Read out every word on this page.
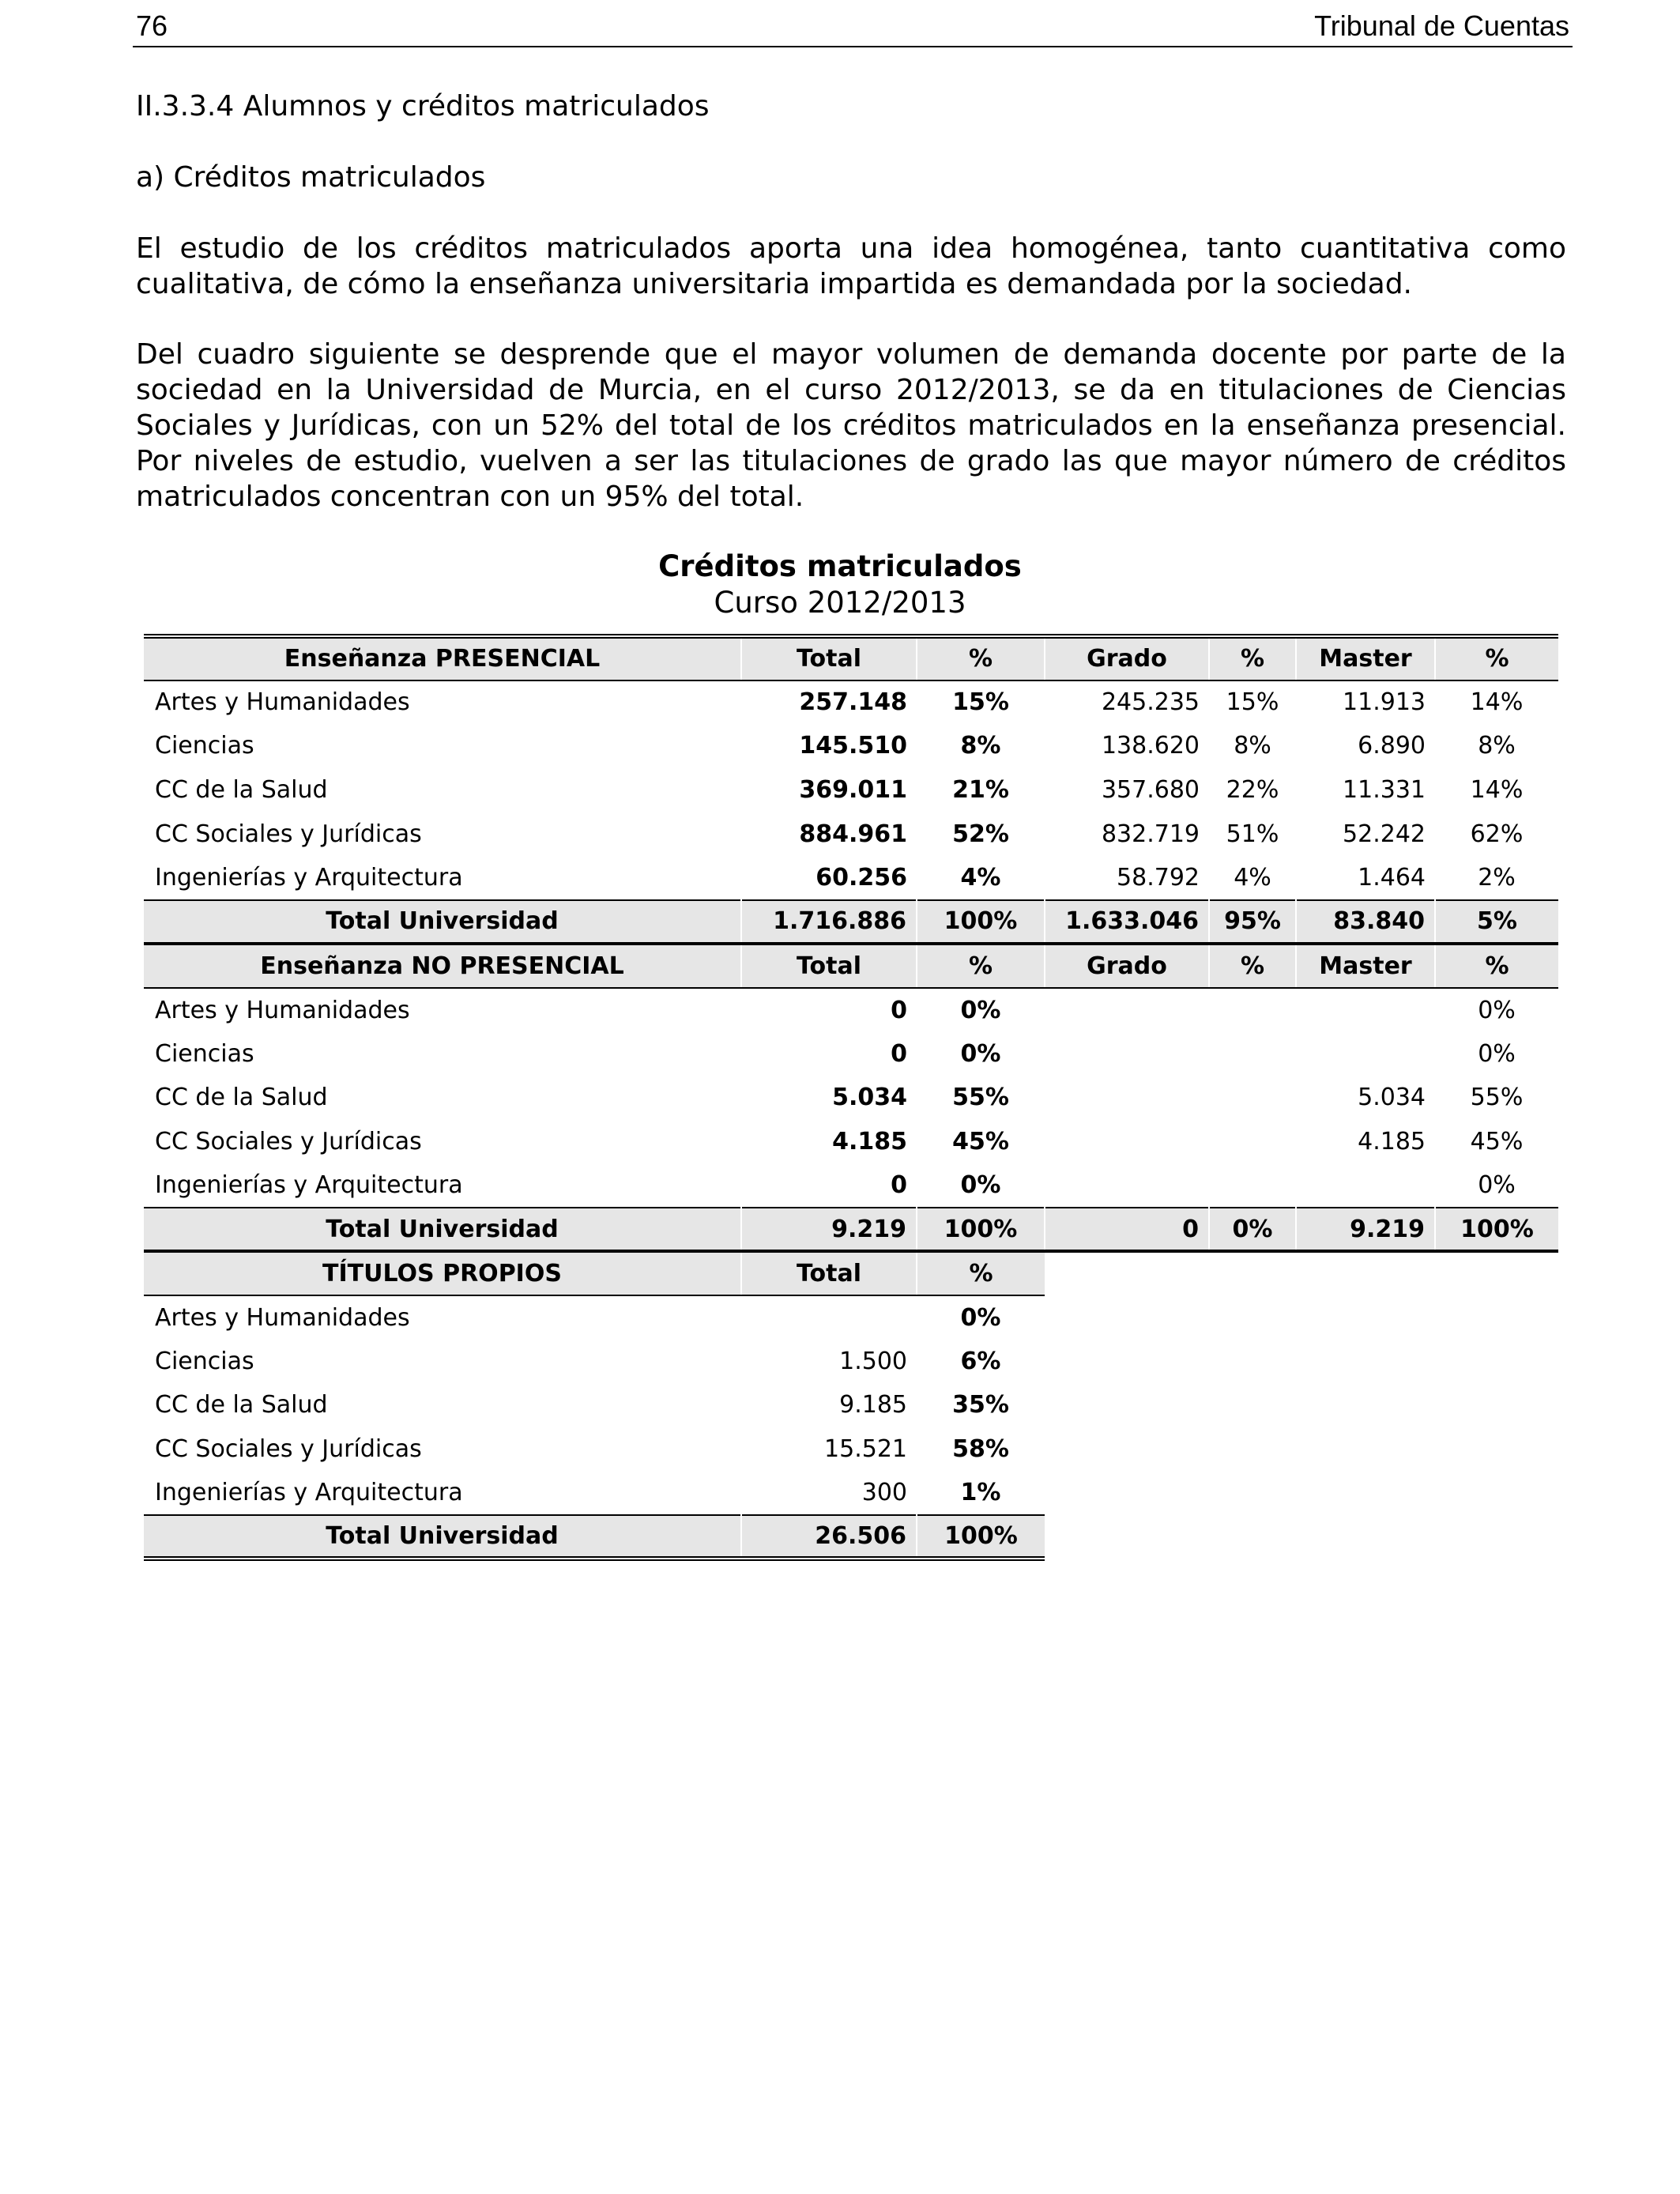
76	Tribunal de Cuentas
II.3.3.4 Alumnos y créditos matriculados
a) Créditos matriculados
El estudio de los créditos matriculados aporta una idea homogénea, tanto cuantitativa como cualitativa, de cómo la enseñanza universitaria impartida es demandada por la sociedad.
Del cuadro siguiente se desprende que el mayor volumen de demanda docente por parte de la sociedad en la Universidad de Murcia, en el curso 2012/2013, se da en titulaciones de Ciencias Sociales y Jurídicas, con un 52% del total de los créditos matriculados en la enseñanza presencial. Por niveles de estudio, vuelven a ser las titulaciones de grado las que mayor número de créditos matriculados concentran con un 95% del total.
Créditos matriculados
Curso 2012/2013
Enseñanza PRESENCIAL	Total	%	Grado	%	Master	%
Artes y Humanidades	257.148	15%	245.235	15%	11.913	14%
Ciencias	145.510	8%	138.620	8%	6.890	8%
CC de la Salud	369.011	21%	357.680	22%	11.331	14%
CC Sociales y Jurídicas	884.961	52%	832.719	51%	52.242	62%
Ingenierías y Arquitectura	60.256	4%	58.792	4%	1.464	2%
Total Universidad	1.716.886	100%	1.633.046	95%	83.840	5%
Enseñanza NO PRESENCIAL	Total	%	Grado	%	Master	%
Artes y Humanidades	0	0%				0%
Ciencias	0	0%				0%
CC de la Salud	5.034	55%			5.034	55%
CC Sociales y Jurídicas	4.185	45%			4.185	45%
Ingenierías y Arquitectura	0	0%				0%
Total Universidad	9.219	100%	0	0%	9.219	100%
TÍTULOS PROPIOS	Total	%				
Artes y Humanidades		0%				
Ciencias	1.500	6%				
CC de la Salud	9.185	35%				
CC Sociales y Jurídicas	15.521	58%				
Ingenierías y Arquitectura	300	1%				
Total Universidad	26.506	100%				
